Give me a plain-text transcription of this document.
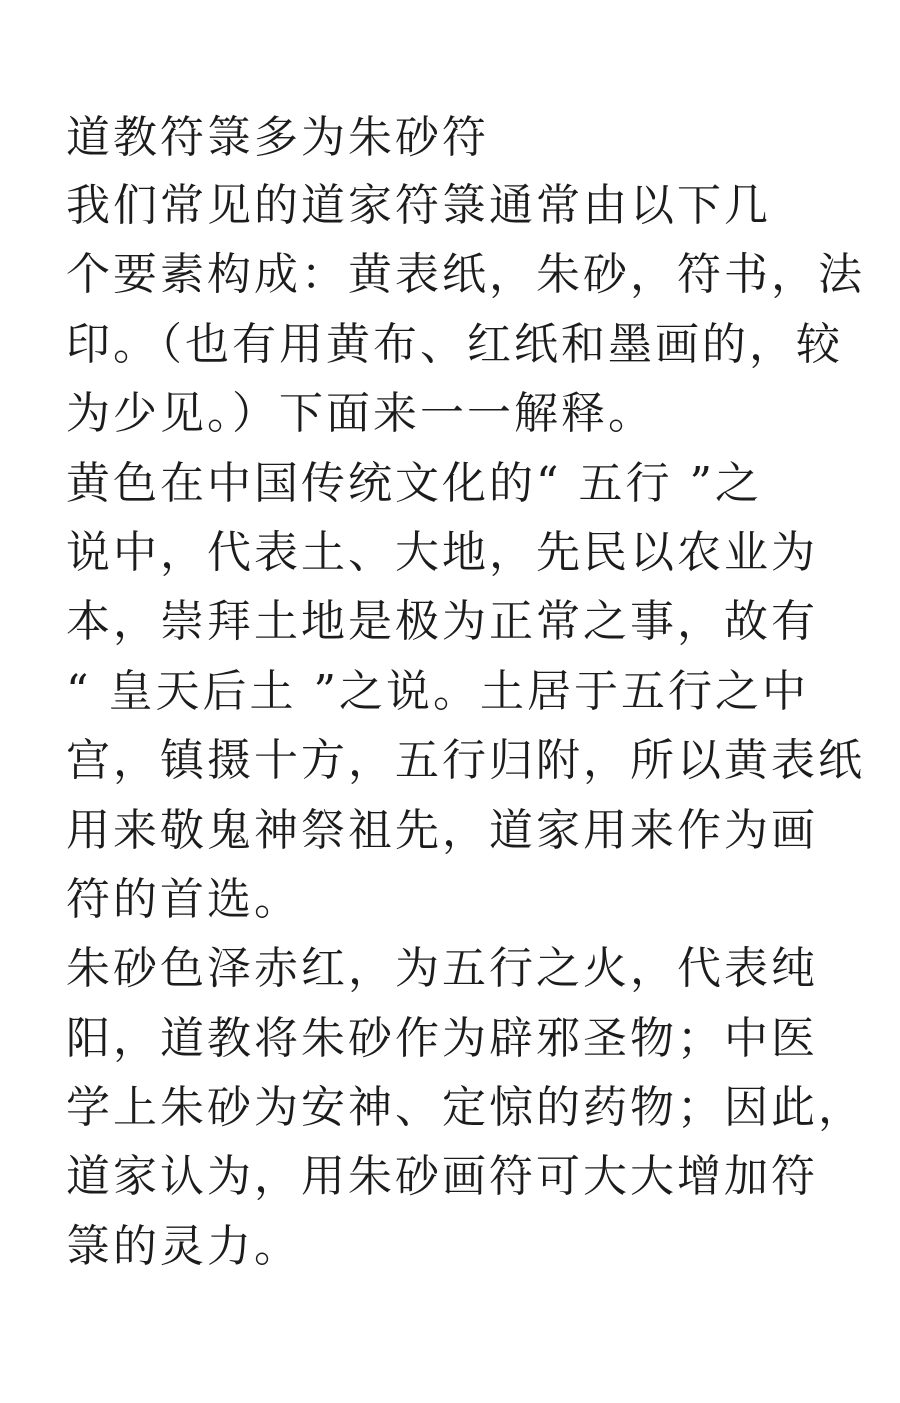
道教符箓多为朱砂符
我们常见的道家符箓通常由以下几
个要素构成：黄表纸，朱砂，符书，法
印。（也有用黄布、红纸和墨画的，较
为少见。）下面来一一解释。
黄色在中国传统文化的“ 五行 ”之
说中，代表土、大地，先民以农业为
本，崇拜土地是极为正常之事，故有
“ 皇天后土 ”之说。土居于五行之中
宫，镇摄十方，五行归附，所以黄表纸
用来敬鬼神祭祖先，道家用来作为画
符的首选。
朱砂色泽赤红，为五行之火，代表纯
阳，道教将朱砂作为辟邪圣物；中医
学上朱砂为安神、定惊的药物；因此，
道家认为，用朱砂画符可大大增加符
箓的灵力。
